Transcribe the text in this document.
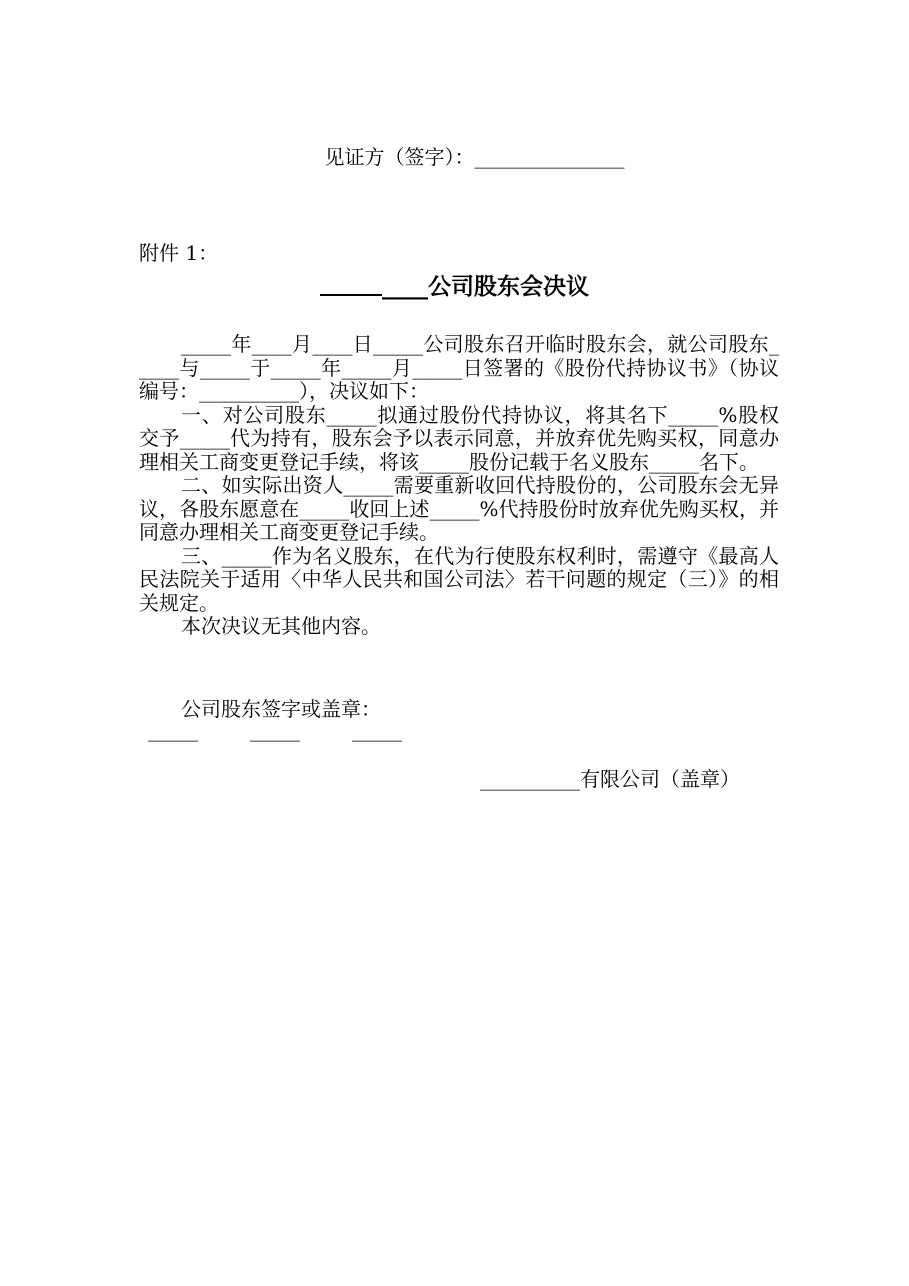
见证方（签字）：_______________
附件 1：
____公司股东会决议

_____年____月____日_____公司股东召开临时股东会，就公司股东_____与_____于_____年_____月_____日签署的《股份代持协议书》（协议编号：__________），决议如下：

一、对公司股东_____拟通过股份代持协议，将其名下_____%股权交予_____代为持有，股东会予以表示同意，并放弃优先购买权，同意办理相关工商变更登记手续，将该_____股份记载于名义股东_____名下。

二、如实际出资人_____需要重新收回代持股份的，公司股东会无异议，各股东愿意在_____收回上述_____%代持股份时放弃优先购买权，并同意办理相关工商变更登记手续。

三、_____作为名义股东，在代为行使股东权利时，需遵守《最高人民法院关于适用〈中华人民共和国公司法〉若干问题的规定（三）》的相关规定。

本次决议无其他内容。

公司股东签字或盖章：
_____	_____	_____
__________有限公司（盖章）
